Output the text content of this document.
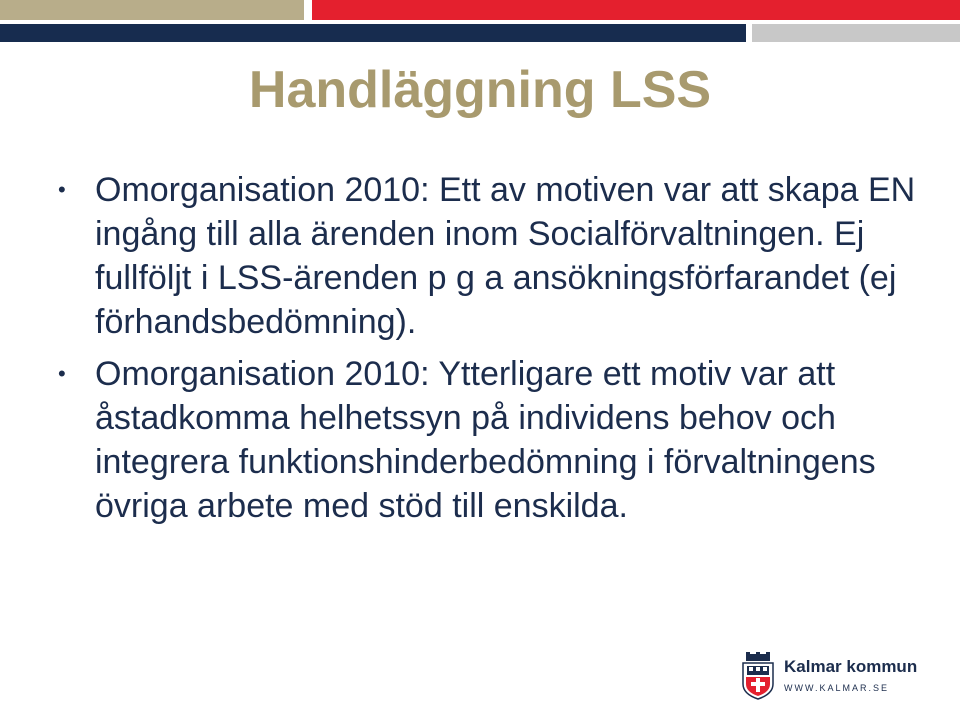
Handläggning LSS
• Omorganisation 2010: Ett av motiven var att skapa EN ingång till alla ärenden inom Socialförvaltningen. Ej fullföljt i LSS-ärenden p g a ansökningsförfarandet (ej förhandsbedömning).
• Omorganisation 2010: Ytterligare ett motiv var att åstadkomma helhetssyn på individens behov och integrera funktionshinderbedömning i förvaltningens övriga arbete med stöd till enskilda.
Kalmar kommun
WWW.KALMAR.SE
